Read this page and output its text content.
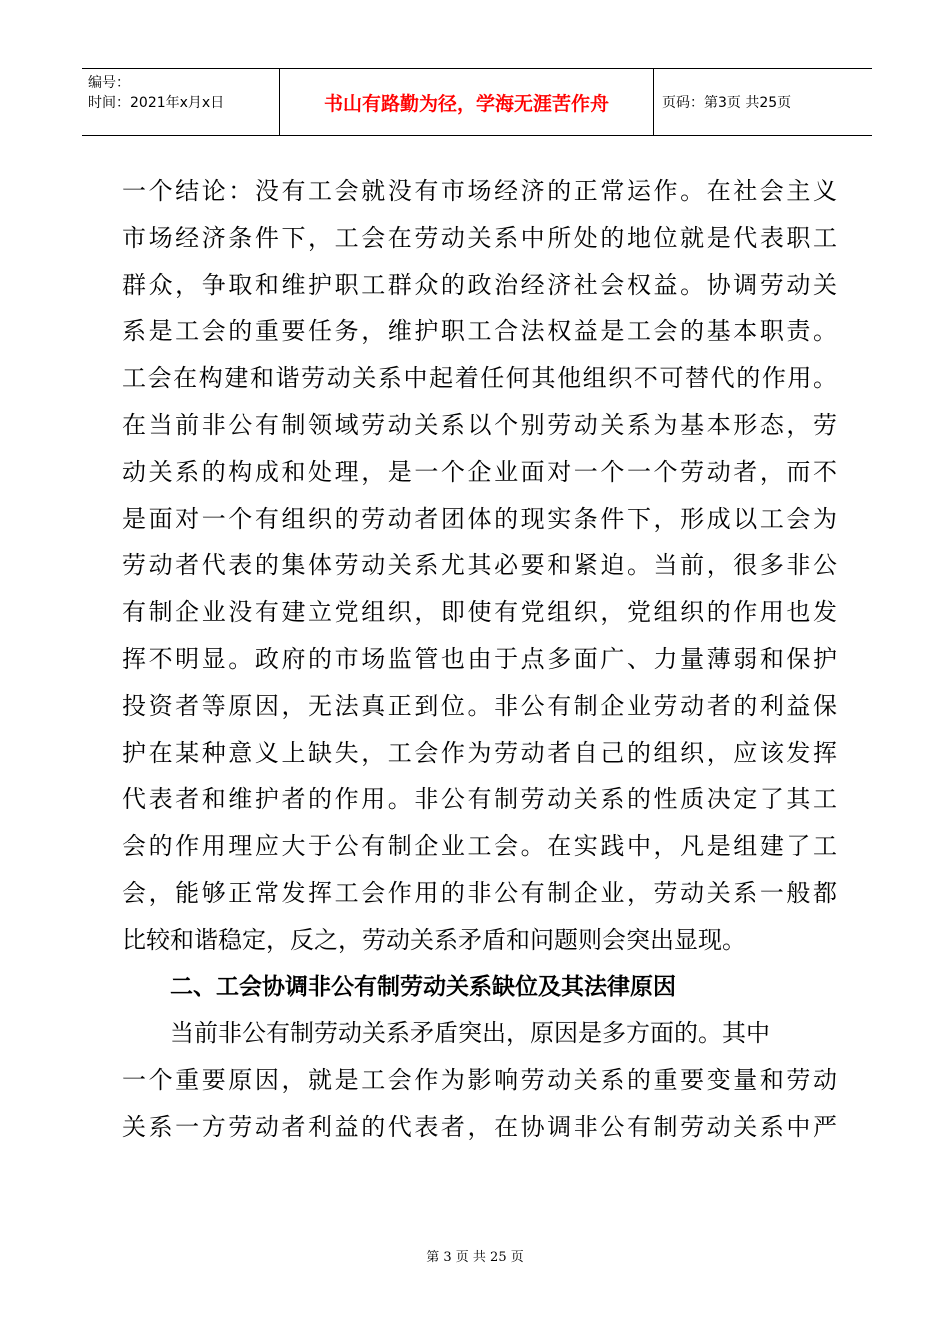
编号：
时间：2021年x月x日	书山有路勤为径，学海无涯苦作舟	页码：第3页 共25页
一个结论：没有工会就没有市场经济的正常运作。在社会主义
市场经济条件下，工会在劳动关系中所处的地位就是代表职工
群众，争取和维护职工群众的政治经济社会权益。协调劳动关
系是工会的重要任务，维护职工合法权益是工会的基本职责。
工会在构建和谐劳动关系中起着任何其他组织不可替代的作用。
在当前非公有制领域劳动关系以个别劳动关系为基本形态，劳
动关系的构成和处理，是一个企业面对一个一个劳动者，而不
是面对一个有组织的劳动者团体的现实条件下，形成以工会为
劳动者代表的集体劳动关系尤其必要和紧迫。当前，很多非公
有制企业没有建立党组织，即使有党组织，党组织的作用也发
挥不明显。政府的市场监管也由于点多面广、力量薄弱和保护
投资者等原因，无法真正到位。非公有制企业劳动者的利益保
护在某种意义上缺失，工会作为劳动者自己的组织，应该发挥
代表者和维护者的作用。非公有制劳动关系的性质决定了其工
会的作用理应大于公有制企业工会。在实践中，凡是组建了工
会，能够正常发挥工会作用的非公有制企业，劳动关系一般都
比较和谐稳定，反之，劳动关系矛盾和问题则会突出显现。
二、工会协调非公有制劳动关系缺位及其法律原因
当前非公有制劳动关系矛盾突出，原因是多方面的。其中
一个重要原因，就是工会作为影响劳动关系的重要变量和劳动
关系一方劳动者利益的代表者，在协调非公有制劳动关系中严
第 3 页 共 25 页
